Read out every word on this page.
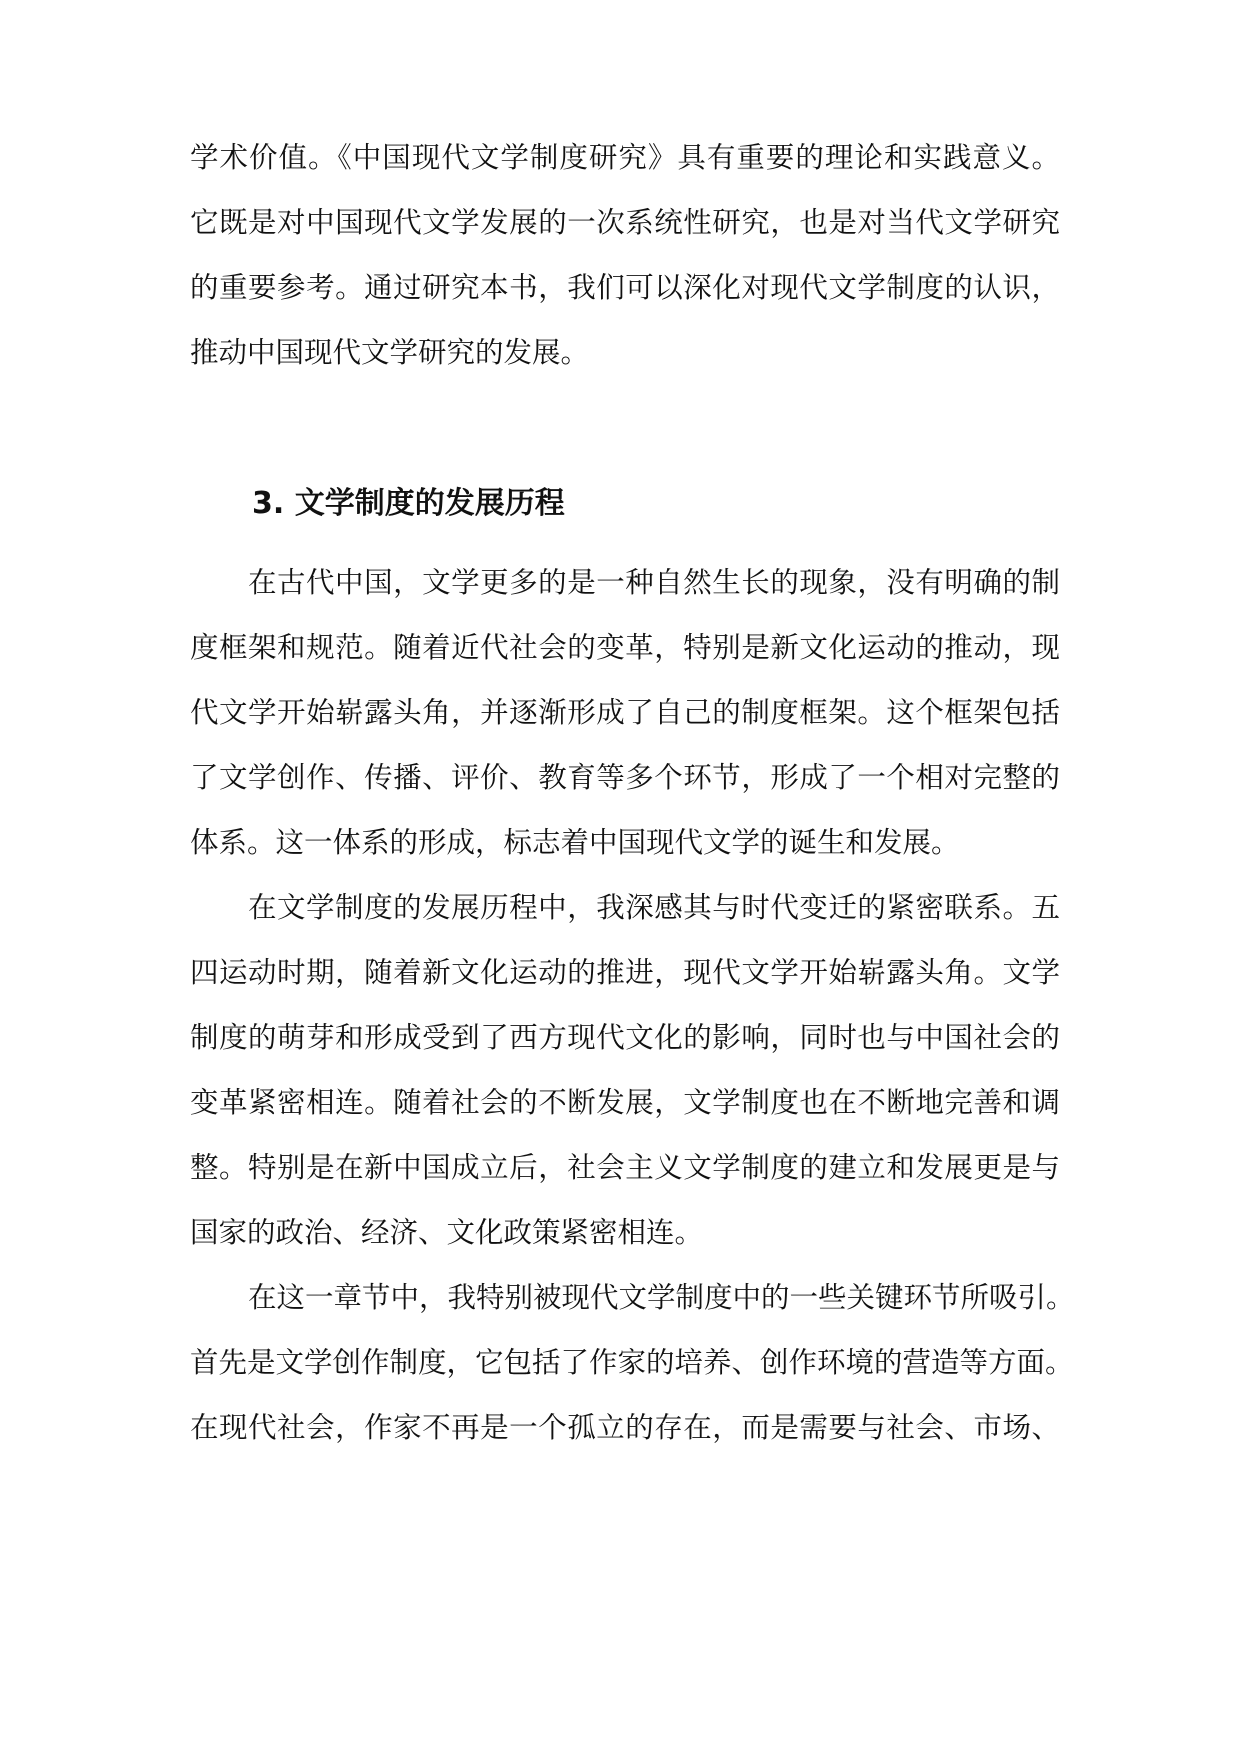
学术价值。《中国现代文学制度研究》具有重要的理论和实践意义。
它既是对中国现代文学发展的一次系统性研究，也是对当代文学研究
的重要参考。通过研究本书，我们可以深化对现代文学制度的认识，
推动中国现代文学研究的发展。
3. 文学制度的发展历程
在古代中国，文学更多的是一种自然生长的现象，没有明确的制
度框架和规范。随着近代社会的变革，特别是新文化运动的推动，现
代文学开始崭露头角，并逐渐形成了自己的制度框架。这个框架包括
了文学创作、传播、评价、教育等多个环节，形成了一个相对完整的
体系。这一体系的形成，标志着中国现代文学的诞生和发展。
在文学制度的发展历程中，我深感其与时代变迁的紧密联系。五
四运动时期，随着新文化运动的推进，现代文学开始崭露头角。文学
制度的萌芽和形成受到了西方现代文化的影响，同时也与中国社会的
变革紧密相连。随着社会的不断发展，文学制度也在不断地完善和调
整。特别是在新中国成立后，社会主义文学制度的建立和发展更是与
国家的政治、经济、文化政策紧密相连。
在这一章节中，我特别被现代文学制度中的一些关键环节所吸引。
首先是文学创作制度，它包括了作家的培养、创作环境的营造等方面。
在现代社会，作家不再是一个孤立的存在，而是需要与社会、市场、
